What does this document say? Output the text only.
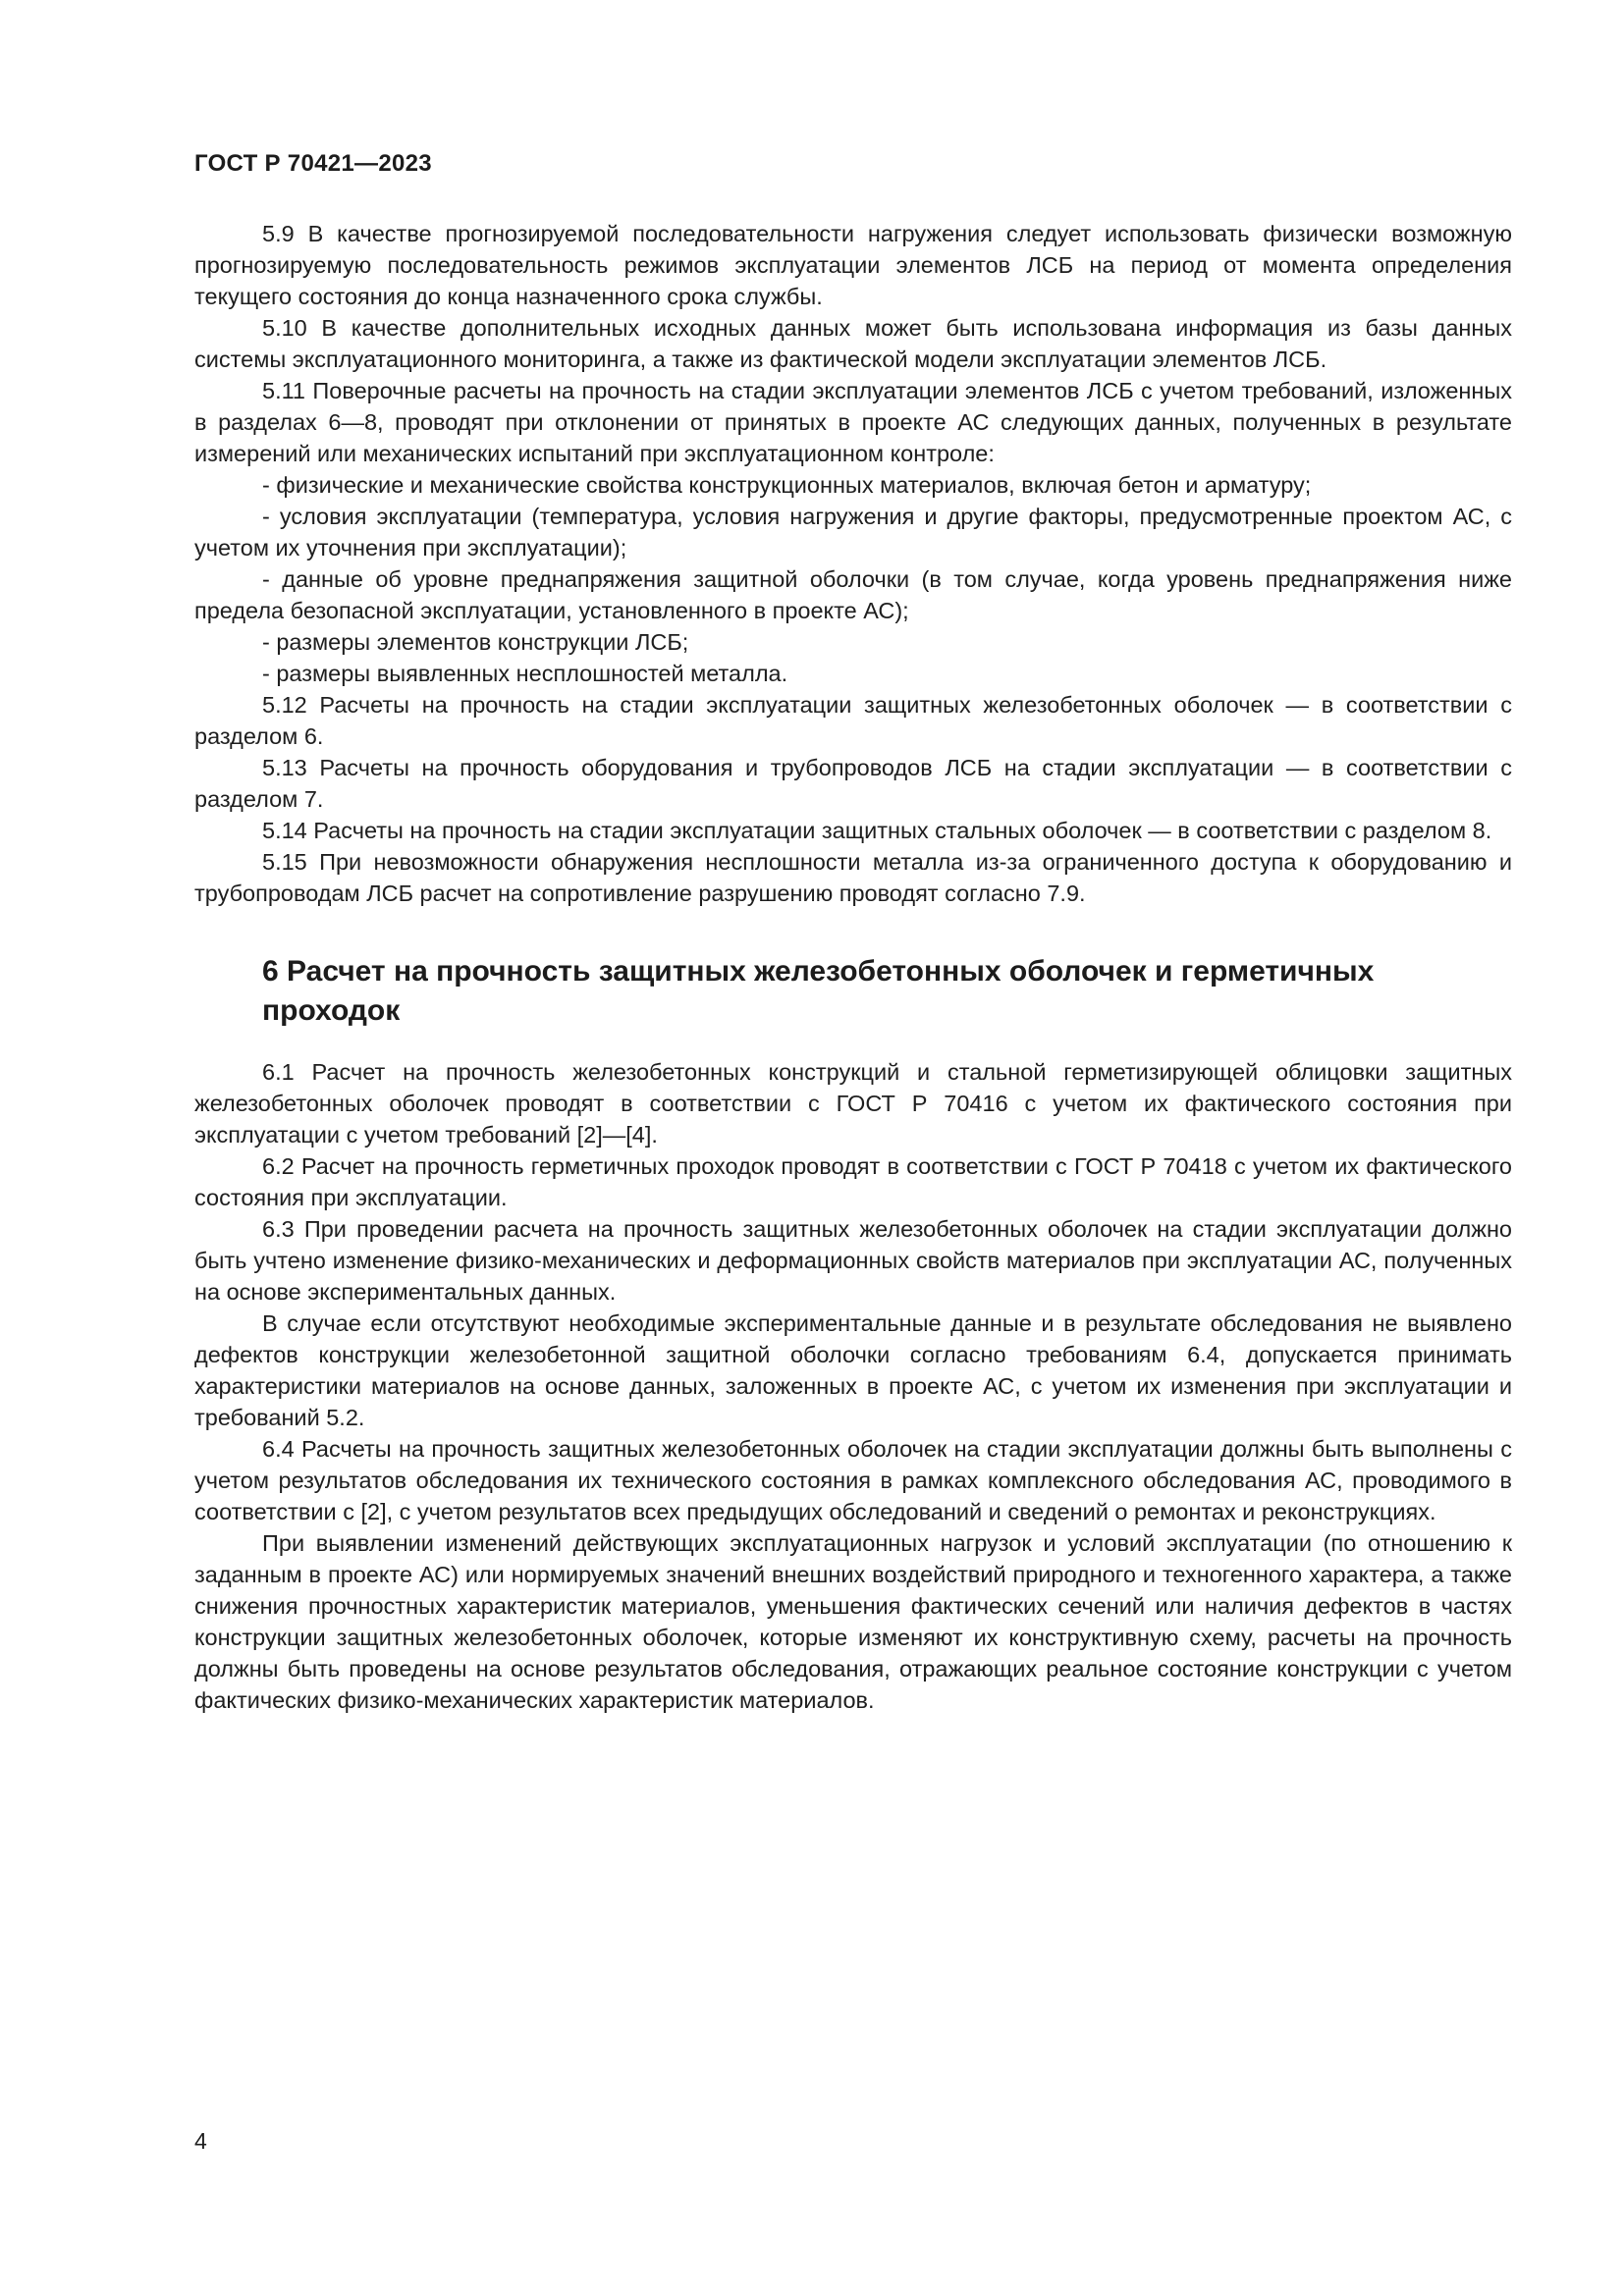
ГОСТ Р 70421—2023

5.9 В качестве прогнозируемой последовательности нагружения следует использовать физически возможную прогнозируемую последовательность режимов эксплуатации элементов ЛСБ на период от момента определения текущего состояния до конца назначенного срока службы.

5.10 В качестве дополнительных исходных данных может быть использована информация из базы данных системы эксплуатационного мониторинга, а также из фактической модели эксплуатации элементов ЛСБ.

5.11 Поверочные расчеты на прочность на стадии эксплуатации элементов ЛСБ с учетом требований, изложенных в разделах 6—8, проводят при отклонении от принятых в проекте АС следующих данных, полученных в результате измерений или механических испытаний при эксплуатационном контроле:

- физические и механические свойства конструкционных материалов, включая бетон и арматуру;

- условия эксплуатации (температура, условия нагружения и другие факторы, предусмотренные проектом АС, с учетом их уточнения при эксплуатации);

- данные об уровне преднапряжения защитной оболочки (в том случае, когда уровень преднапряжения ниже предела безопасной эксплуатации, установленного в проекте АС);

- размеры элементов конструкции ЛСБ;

- размеры выявленных несплошностей металла.

5.12 Расчеты на прочность на стадии эксплуатации защитных железобетонных оболочек — в соответствии с разделом 6.

5.13 Расчеты на прочность оборудования и трубопроводов ЛСБ на стадии эксплуатации — в соответствии с разделом 7.

5.14 Расчеты на прочность на стадии эксплуатации защитных стальных оболочек — в соответствии с разделом 8.

5.15 При невозможности обнаружения несплошности металла из-за ограниченного доступа к оборудованию и трубопроводам ЛСБ расчет на сопротивление разрушению проводят согласно 7.9.

6 Расчет на прочность защитных железобетонных оболочек и герметичных проходок

6.1 Расчет на прочность железобетонных конструкций и стальной герметизирующей облицовки защитных железобетонных оболочек проводят в соответствии с ГОСТ Р 70416 с учетом их фактического состояния при эксплуатации с учетом требований [2]—[4].

6.2 Расчет на прочность герметичных проходок проводят в соответствии с ГОСТ Р 70418 с учетом их фактического состояния при эксплуатации.

6.3 При проведении расчета на прочность защитных железобетонных оболочек на стадии эксплуатации должно быть учтено изменение физико-механических и деформационных свойств материалов при эксплуатации АС, полученных на основе экспериментальных данных.

В случае если отсутствуют необходимые экспериментальные данные и в результате обследования не выявлено дефектов конструкции железобетонной защитной оболочки согласно требованиям 6.4, допускается принимать характеристики материалов на основе данных, заложенных в проекте АС, с учетом их изменения при эксплуатации и требований 5.2.

6.4 Расчеты на прочность защитных железобетонных оболочек на стадии эксплуатации должны быть выполнены с учетом результатов обследования их технического состояния в рамках комплексного обследования АС, проводимого в соответствии с [2], с учетом результатов всех предыдущих обследований и сведений о ремонтах и реконструкциях.

При выявлении изменений действующих эксплуатационных нагрузок и условий эксплуатации (по отношению к заданным в проекте АС) или нормируемых значений внешних воздействий природного и техногенного характера, а также снижения прочностных характеристик материалов, уменьшения фактических сечений или наличия дефектов в частях конструкции защитных железобетонных оболочек, которые изменяют их конструктивную схему, расчеты на прочность должны быть проведены на основе результатов обследования, отражающих реальное состояние конструкции с учетом фактических физико-механических характеристик материалов.

4
